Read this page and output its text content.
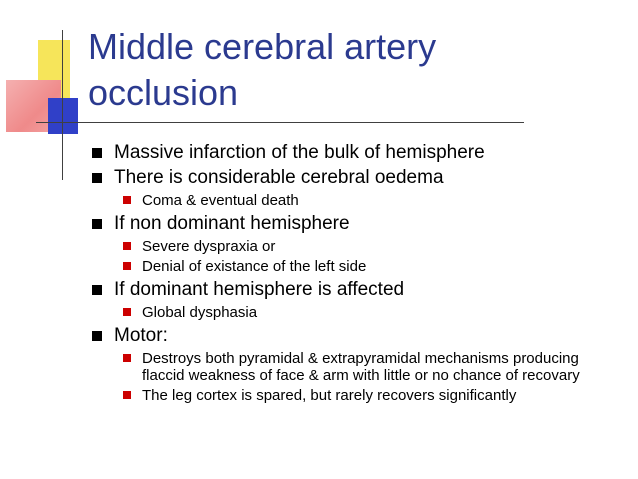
Middle cerebral artery
occlusion
Massive infarction of the bulk of hemisphere
There is considerable cerebral oedema
Coma & eventual death
If non dominant hemisphere
Severe dyspraxia or
Denial of existance of the left side
If dominant hemisphere is affected
Global dysphasia
Motor:
Destroys both pyramidal & extrapyramidal mechanisms producing flaccid weakness of face & arm with little or no chance of recovary
The leg cortex is spared, but rarely recovers significantly
